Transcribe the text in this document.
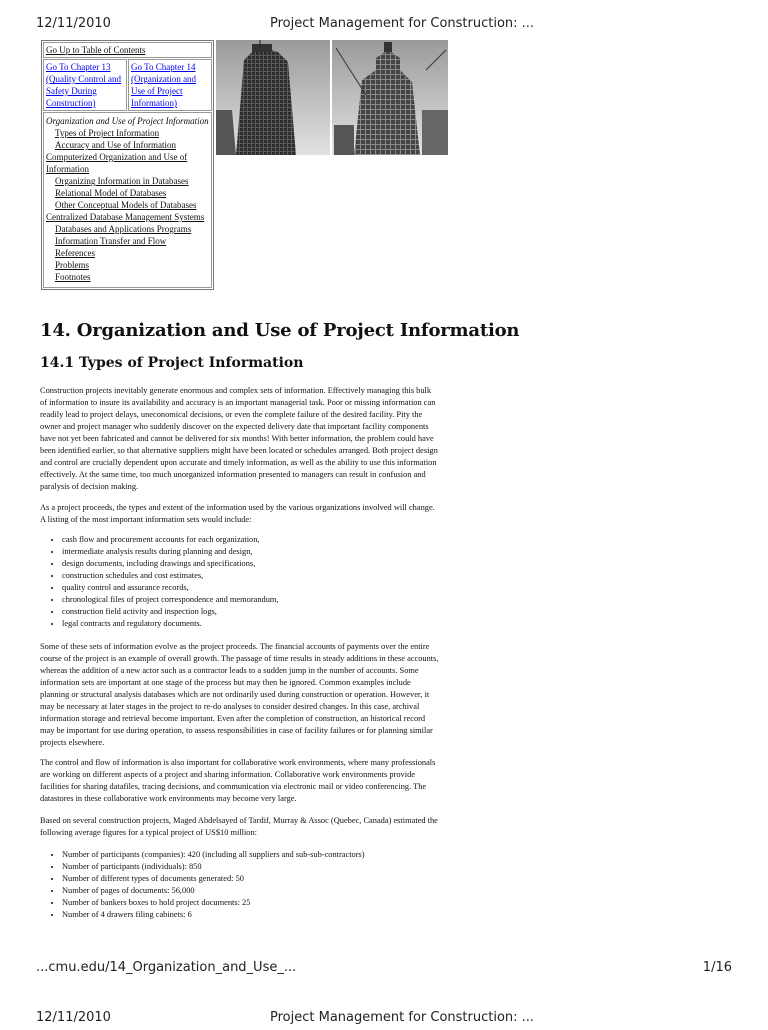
12/11/2010	Project Management for Construction: ...
Go Up to Table of Contents
Go To Chapter 13 (Quality Control and Safety During Construction)
Go To Chapter 14 (Organization and Use of Project Information)
Organization and Use of Project Information
Types of Project Information
Accuracy and Use of Information
Computerized Organization and Use of Information
Organizing Information in Databases
Relational Model of Databases
Other Conceptual Models of Databases
Centralized Database Management Systems
Databases and Applications Programs
Information Transfer and Flow
References
Problems
Footnotes
14. Organization and Use of Project Information
14.1 Types of Project Information

Construction projects inevitably generate enormous and complex sets of information. Effectively managing this bulk of information to insure its availability and accuracy is an important managerial task. Poor or missing information can readily lead to project delays, uneconomical decisions, or even the complete failure of the desired facility. Pity the owner and project manager who suddenly discover on the expected delivery date that important facility components have not yet been fabricated and cannot be delivered for six months! With better information, the problem could have been identified earlier, so that alternative suppliers might have been located or schedules arranged. Both project design and control are crucially dependent upon accurate and timely information, as well as the ability to use this information effectively. At the same time, too much unorganized information presented to managers can result in confusion and paralysis of decision making.

As a project proceeds, the types and extent of the information used by the various organizations involved will change. A listing of the most important information sets would include:

• cash flow and procurement accounts for each organization,
• intermediate analysis results during planning and design,
• design documents, including drawings and specifications,
• construction schedules and cost estimates,
• quality control and assurance records,
• chronological files of project correspondence and memorandum,
• construction field activity and inspection logs,
• legal contracts and regulatory documents.

Some of these sets of information evolve as the project proceeds. The financial accounts of payments over the entire course of the project is an example of overall growth. The passage of time results in steady additions in these accounts, whereas the addition of a new actor such as a contractor leads to a sudden jump in the number of accounts. Some information sets are important at one stage of the process but may then be ignored. Common examples include planning or structural analysis databases which are not ordinarily used during construction or operation. However, it may be necessary at later stages in the project to re-do analyses to consider desired changes. In this case, archival information storage and retrieval become important. Even after the completion of construction, an historical record may be important for use during operation, to assess responsibilities in case of facility failures or for planning similar projects elsewhere.

The control and flow of information is also important for collaborative work environments, where many professionals are working on different aspects of a project and sharing information. Collaborative work environments provide facilities for sharing datafiles, tracing decisions, and communication via electronic mail or video conferencing. The datastores in these collaborative work environments may become very large.

Based on several construction projects, Maged Abdelsayed of Tardif, Murray & Assoc (Quebec, Canada) estimated the following average figures for a typical project of US$10 million:

• Number of participants (companies): 420 (including all suppliers and sub-sub-contractors)
• Number of participants (individuals): 850
• Number of different types of documents generated: 50
• Number of pages of documents: 56,000
• Number of bankers boxes to hold project documents: 25
• Number of 4 drawers filing cabinets: 6
...cmu.edu/14_Organization_and_Use_...	1/16
12/11/2010	Project Management for Construction: ...
